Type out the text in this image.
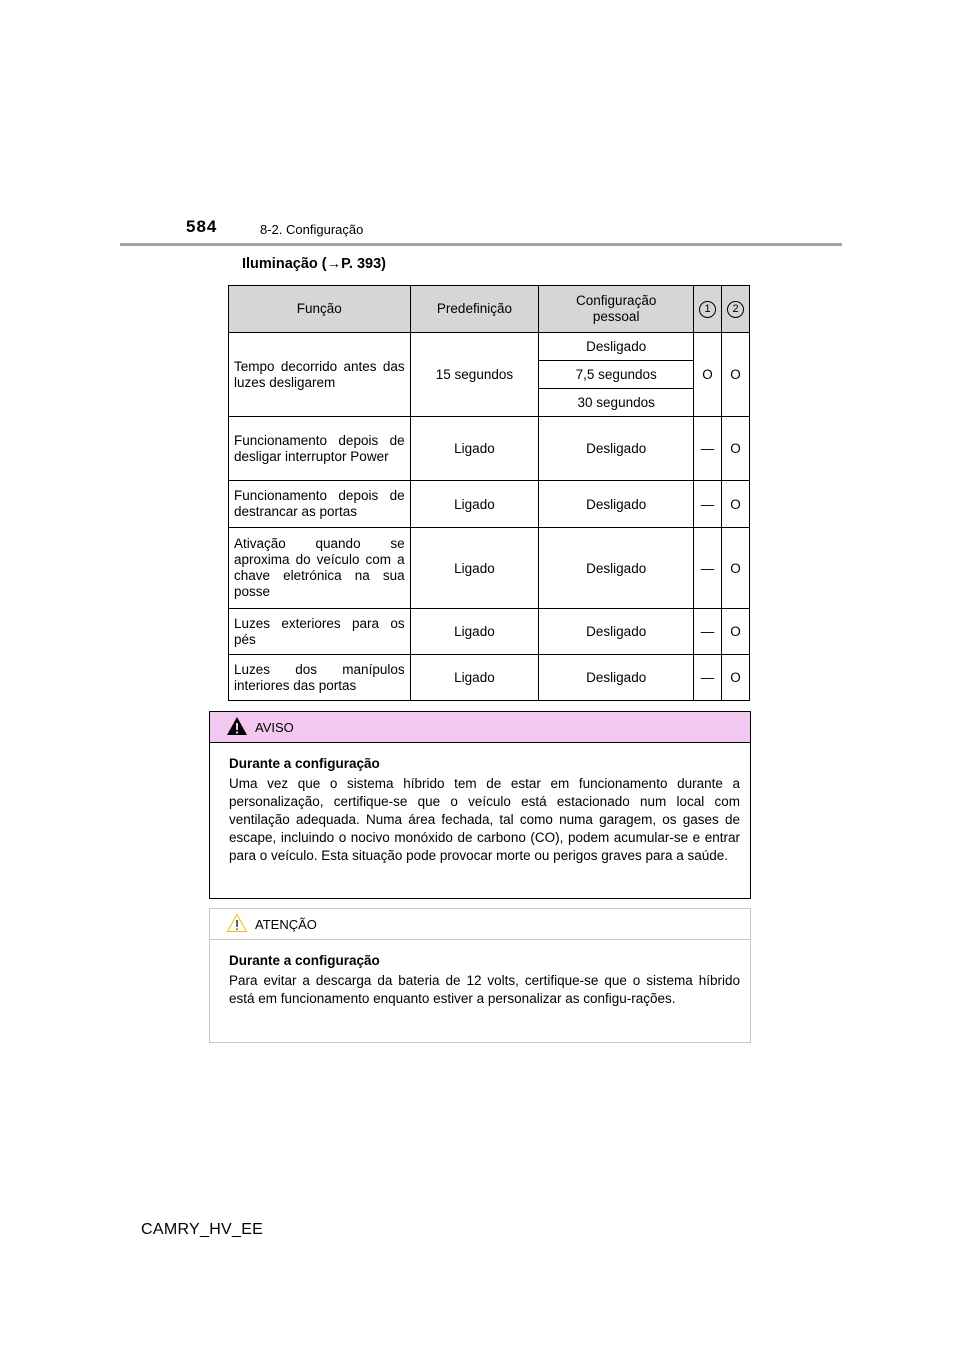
584	8-2. Configuração
Iluminação (→P. 393)
Função	Predefinição	Configuração pessoal	1	2
Tempo decorrido antes das luzes desligarem	15 segundos	Desligado	O	O
		7,5 segundos		
		30 segundos		
Funcionamento depois de desligar interruptor Power	Ligado	Desligado	—	O
Funcionamento depois de destrancar as portas	Ligado	Desligado	—	O
Ativação quando se aproxima do veículo com a chave eletrónica na sua posse	Ligado	Desligado	—	O
Luzes exteriores para os pés	Ligado	Desligado	—	O
Luzes dos manípulos interiores das portas	Ligado	Desligado	—	O
AVISO
Durante a configuração
Uma vez que o sistema híbrido tem de estar em funcionamento durante a personalização, certifique-se que o veículo está estacionado num local com ventilação adequada. Numa área fechada, tal como numa garagem, os gases de escape, incluindo o nocivo monóxido de carbono (CO), podem acumular-se e entrar para o veículo. Esta situação pode provocar morte ou perigos graves para a saúde.
ATENÇÃO
Durante a configuração
Para evitar a descarga da bateria de 12 volts, certifique-se que o sistema híbrido está em funcionamento enquanto estiver a personalizar as configu-rações.
CAMRY_HV_EE
